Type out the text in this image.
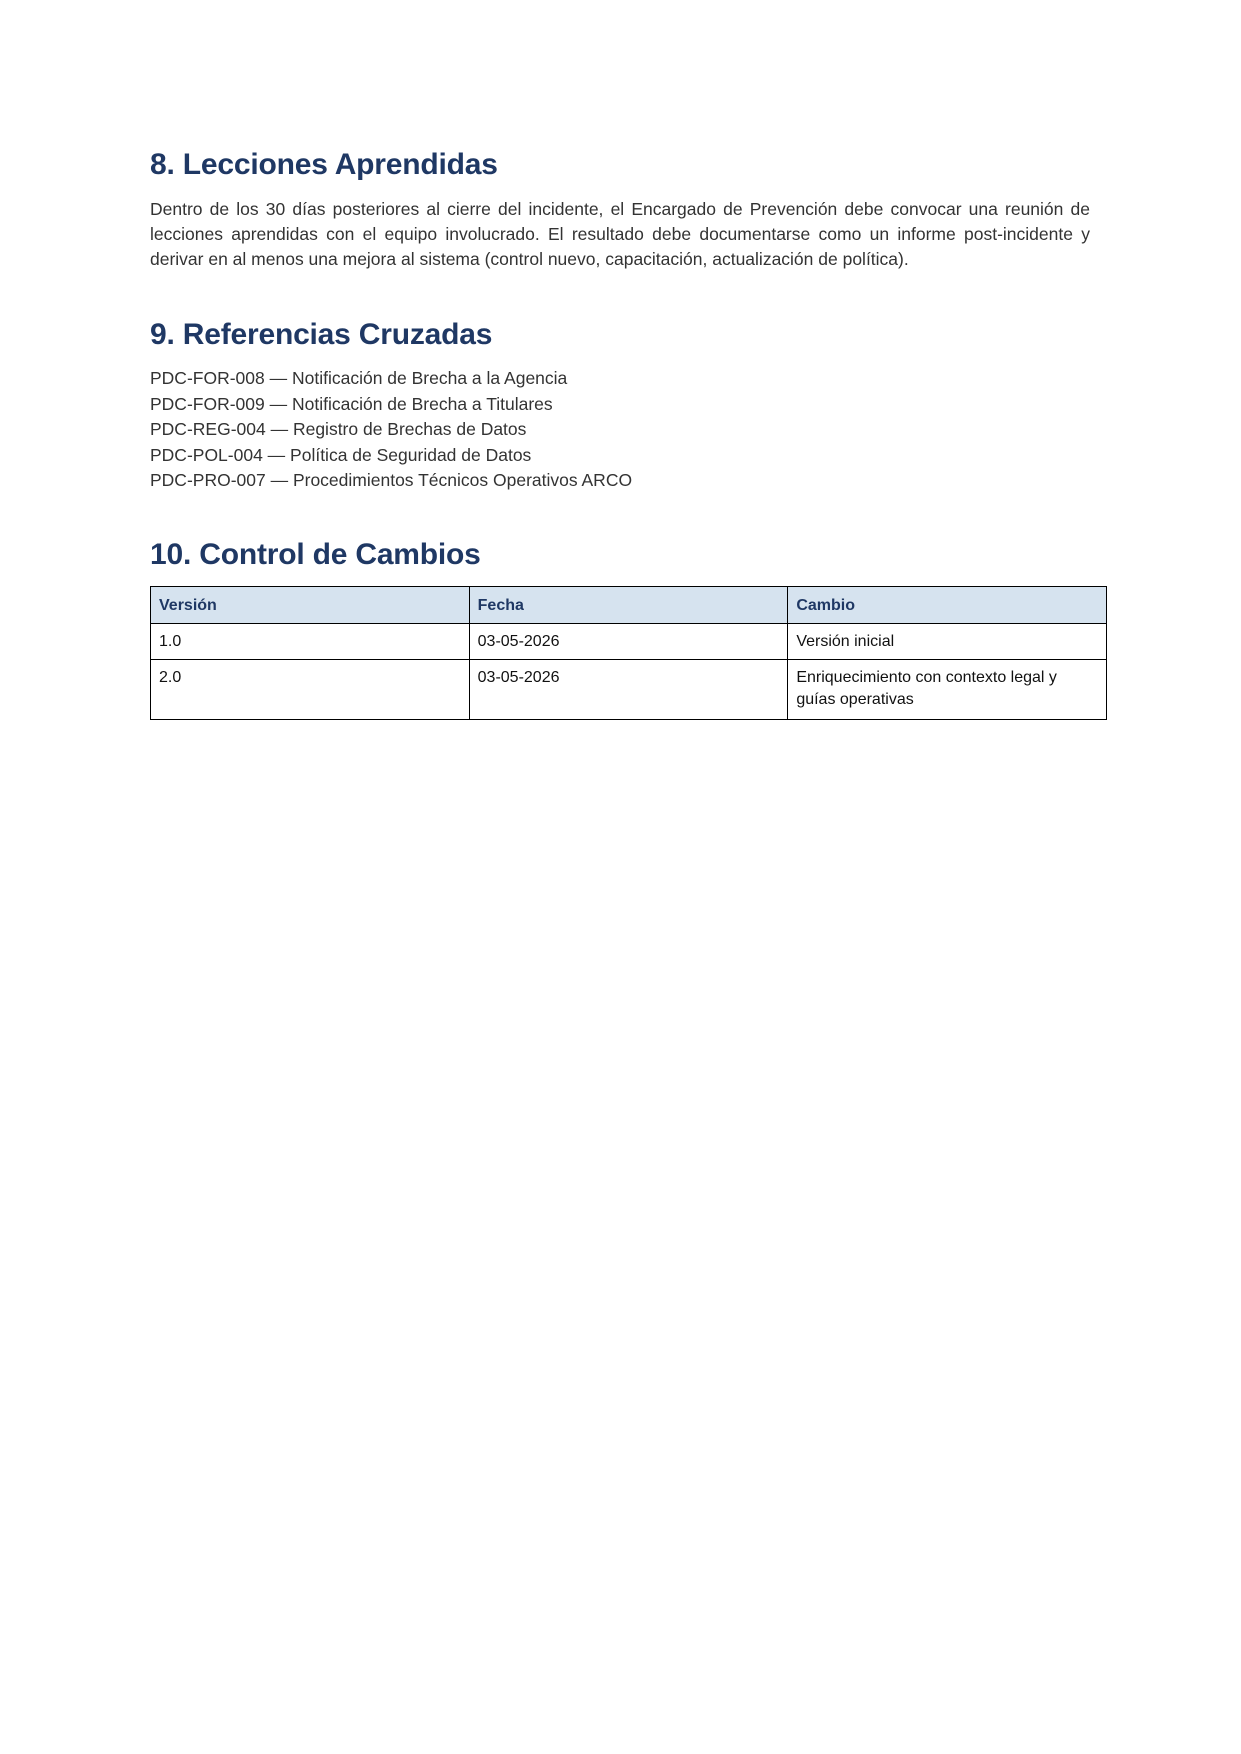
8. Lecciones Aprendidas

Dentro de los 30 días posteriores al cierre del incidente, el Encargado de Prevención debe convocar una reunión de lecciones aprendidas con el equipo involucrado. El resultado debe documentarse como un informe post-incidente y derivar en al menos una mejora al sistema (control nuevo, capacitación, actualización de política).

9. Referencias Cruzadas
PDC-FOR-008 — Notificación de Brecha a la Agencia
PDC-FOR-009 — Notificación de Brecha a Titulares
PDC-REG-004 — Registro de Brechas de Datos
PDC-POL-004 — Política de Seguridad de Datos
PDC-PRO-007 — Procedimientos Técnicos Operativos ARCO
10. Control de Cambios
Versión	Fecha	Cambio
1.0	03-05-2026	Versión inicial
2.0	03-05-2026	Enriquecimiento con contexto legal y guías operativas
